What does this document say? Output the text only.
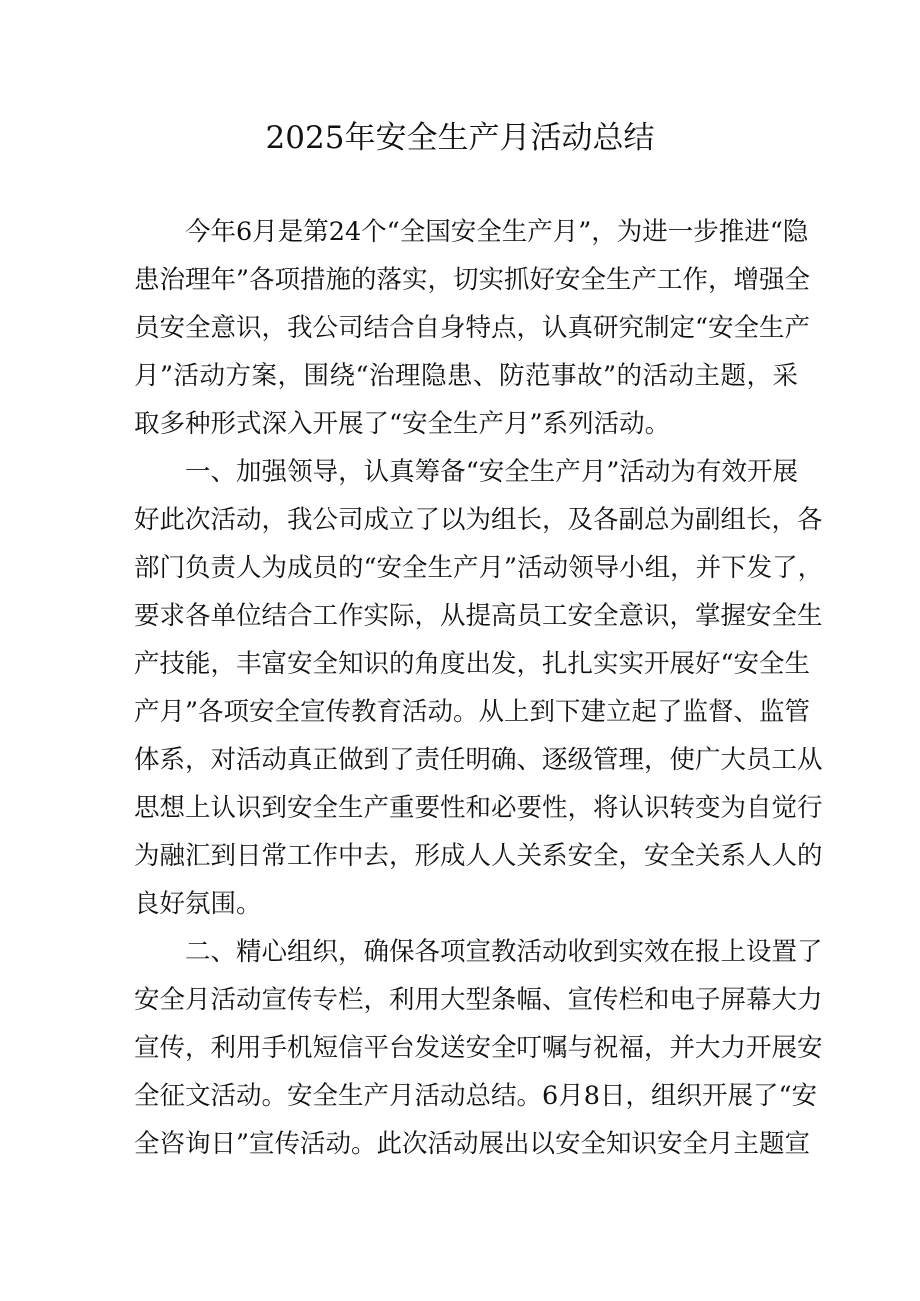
2025年安全生产月活动总结
今年6月是第24个“全国安全生产月”，为进一步推进“隐
患治理年”各项措施的落实，切实抓好安全生产工作，增强全
员安全意识，我公司结合自身特点，认真研究制定“安全生产
月”活动方案，围绕“治理隐患、防范事故”的活动主题，采
取多种形式深入开展了“安全生产月”系列活动。
一、加强领导，认真筹备“安全生产月”活动为有效开展
好此次活动，我公司成立了以为组长，及各副总为副组长，各
部门负责人为成员的“安全生产月”活动领导小组，并下发了，
要求各单位结合工作实际，从提高员工安全意识，掌握安全生
产技能，丰富安全知识的角度出发，扎扎实实开展好“安全生
产月”各项安全宣传教育活动。从上到下建立起了监督、监管
体系，对活动真正做到了责任明确、逐级管理，使广大员工从
思想上认识到安全生产重要性和必要性，将认识转变为自觉行
为融汇到日常工作中去，形成人人关系安全，安全关系人人的
良好氛围。
二、精心组织，确保各项宣教活动收到实效在报上设置了
安全月活动宣传专栏，利用大型条幅、宣传栏和电子屏幕大力
宣传，利用手机短信平台发送安全叮嘱与祝福，并大力开展安
全征文活动。安全生产月活动总结。6月8日，组织开展了“安
全咨询日”宣传活动。此次活动展出以安全知识安全月主题宣
